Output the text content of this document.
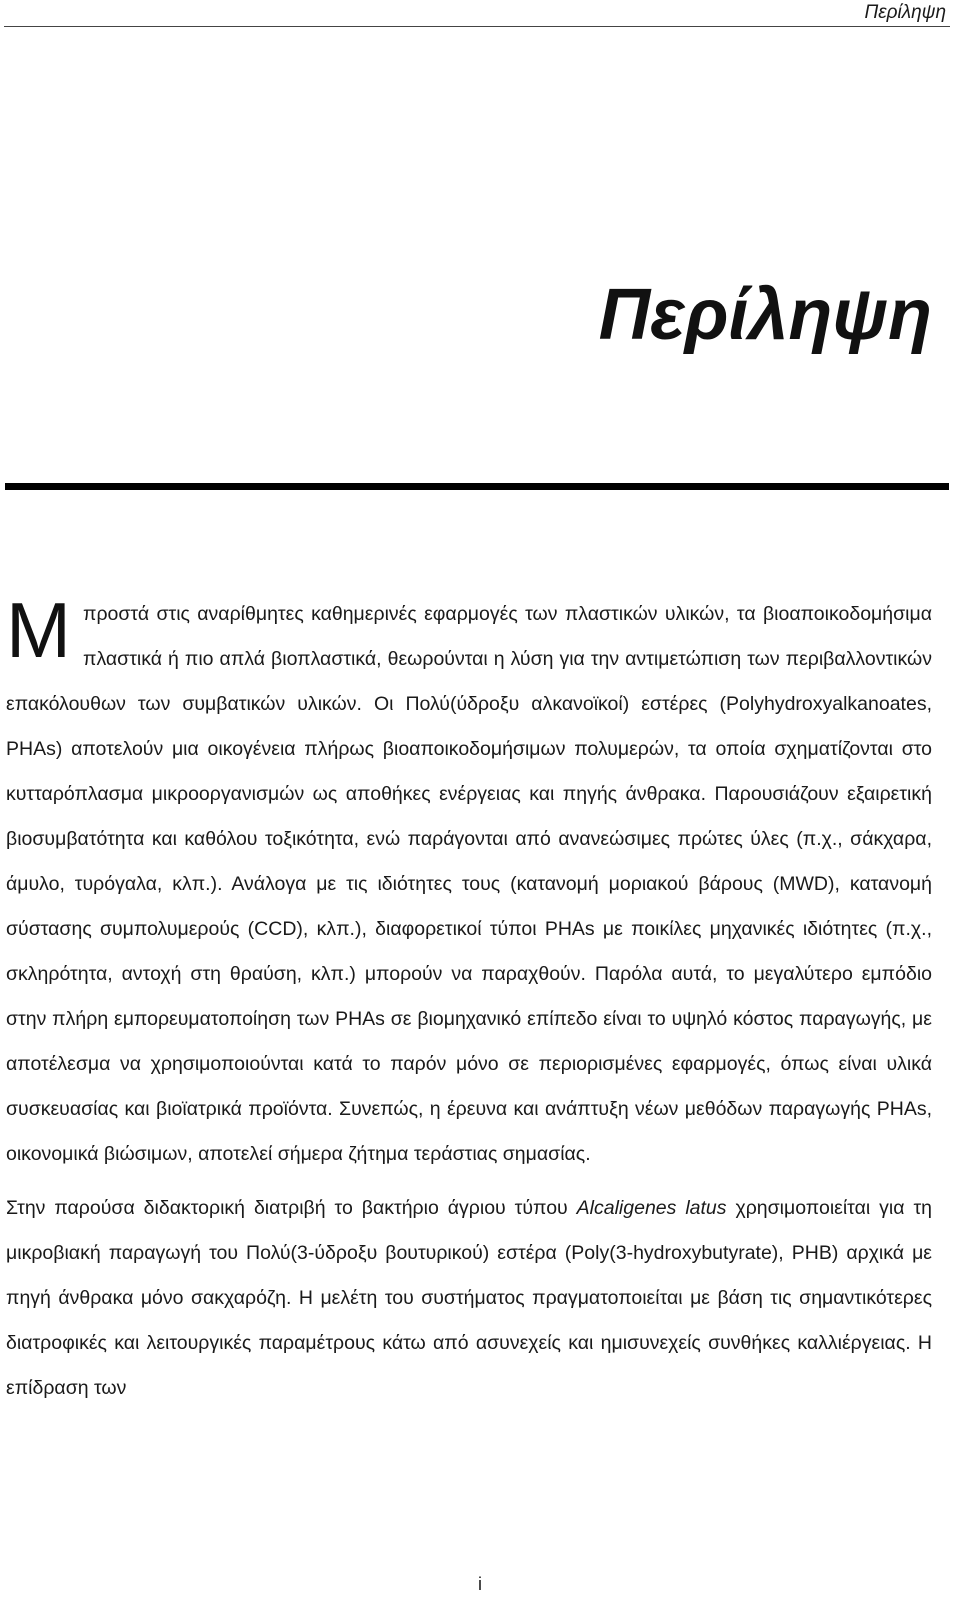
Περίληψη
Περίληψη

Μπροστά στις αναρίθμητες καθημερινές εφαρμογές των πλαστικών υλικών, τα βιοαποικοδομήσιμα πλαστικά ή πιο απλά βιοπλαστικά, θεωρούνται η λύση για την αντιμετώπιση των περιβαλλοντικών επακόλουθων των συμβατικών υλικών. Οι Πολύ(ύδροξυ αλκανοϊκοί) εστέρες (Polyhydroxyalkanoates, PHAs) αποτελούν μια οικογένεια πλήρως βιοαποικοδομήσιμων πολυμερών, τα οποία σχηματίζονται στο κυτταρόπλασμα μικροοργανισμών ως αποθήκες ενέργειας και πηγής άνθρακα. Παρουσιάζουν εξαιρετική βιοσυμβατότητα και καθόλου τοξικότητα, ενώ παράγονται από ανανεώσιμες πρώτες ύλες (π.χ., σάκχαρα, άμυλο, τυρόγαλα, κλπ.). Ανάλογα με τις ιδιότητες τους (κατανομή μοριακού βάρους (MWD), κατανομή σύστασης συμπολυμερούς (CCD), κλπ.), διαφορετικοί τύποι PHAs με ποικίλες μηχανικές ιδιότητες (π.χ., σκληρότητα, αντοχή στη θραύση, κλπ.) μπορούν να παραχθούν. Παρόλα αυτά, το μεγαλύτερο εμπόδιο στην πλήρη εμπορευματοποίηση των PHAs σε βιομηχανικό επίπεδο είναι το υψηλό κόστος παραγωγής, με αποτέλεσμα να χρησιμοποιούνται κατά το παρόν μόνο σε περιορισμένες εφαρμογές, όπως είναι υλικά συσκευασίας και βιοϊατρικά προϊόντα. Συνεπώς, η έρευνα και ανάπτυξη νέων μεθόδων παραγωγής PHAs, οικονομικά βιώσιμων, αποτελεί σήμερα ζήτημα τεράστιας σημασίας.

Στην παρούσα διδακτορική διατριβή το βακτήριο άγριου τύπου Alcaligenes latus χρησιμοποιείται για τη μικροβιακή παραγωγή του Πολύ(3-ύδροξυ βουτυρικού) εστέρα (Poly(3-hydroxybutyrate), PHB) αρχικά με πηγή άνθρακα μόνο σακχαρόζη. Η μελέτη του συστήματος πραγματοποιείται με βάση τις σημαντικότερες διατροφικές και λειτουργικές παραμέτρους κάτω από ασυνεχείς και ημισυνεχείς συνθήκες καλλιέργειας. Η επίδραση των

i
